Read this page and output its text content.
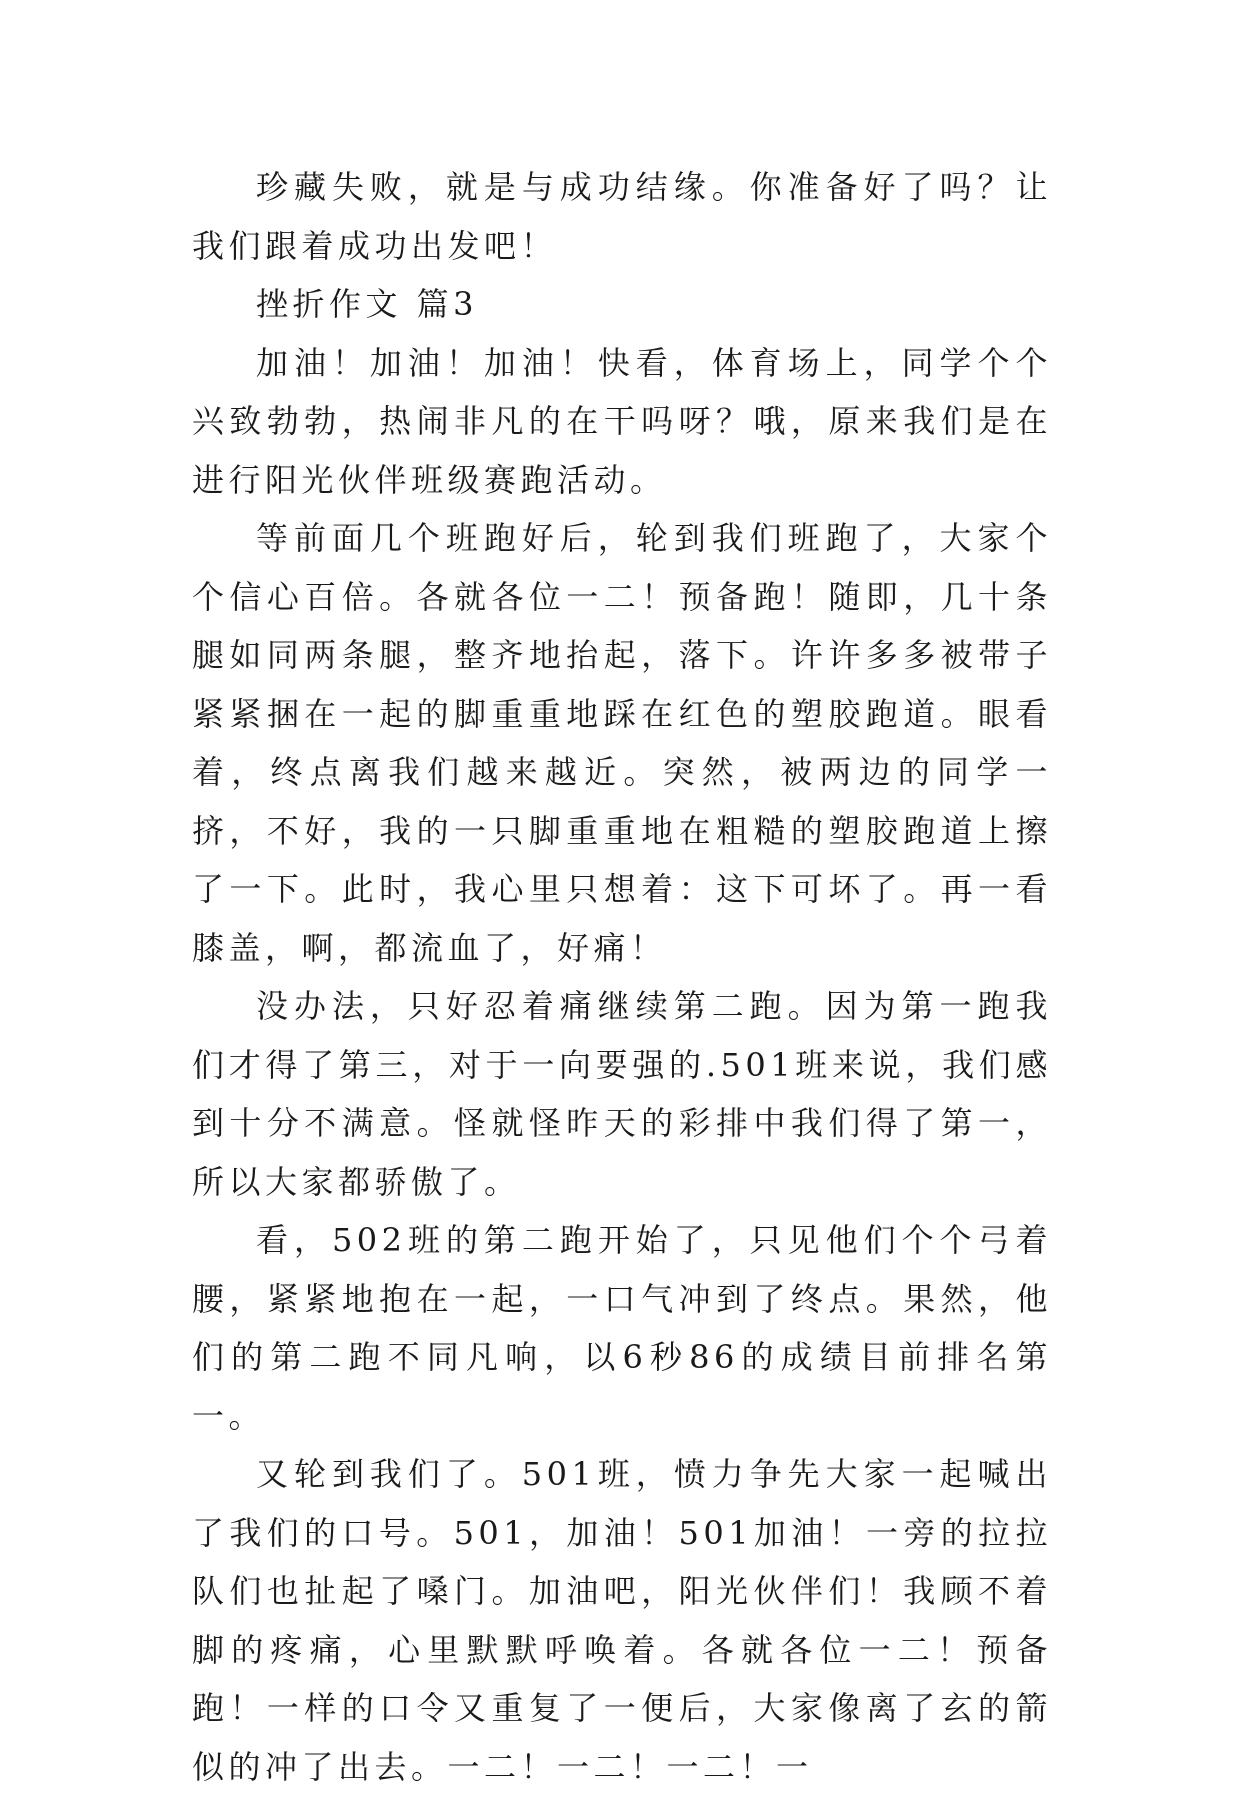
珍藏失败，就是与成功结缘。你准备好了吗？让我们跟着成功出发吧！

挫折作文 篇3

加油！加油！加油！快看，体育场上，同学个个兴致勃勃，热闹非凡的在干吗呀？哦，原来我们是在进行阳光伙伴班级赛跑活动。

等前面几个班跑好后，轮到我们班跑了，大家个个信心百倍。各就各位一二！预备跑！随即，几十条腿如同两条腿，整齐地抬起，落下。许许多多被带子紧紧捆在一起的脚重重地踩在红色的塑胶跑道。眼看着，终点离我们越来越近。突然，被两边的同学一挤，不好，我的一只脚重重地在粗糙的塑胶跑道上擦了一下。此时，我心里只想着：这下可坏了。再一看膝盖，啊，都流血了，好痛！

没办法，只好忍着痛继续第二跑。因为第一跑我们才得了第三，对于一向要强的.501班来说，我们感到十分不满意。怪就怪昨天的彩排中我们得了第一，所以大家都骄傲了。

看，502班的第二跑开始了，只见他们个个弓着腰，紧紧地抱在一起，一口气冲到了终点。果然，他们的第二跑不同凡响，以6秒86的成绩目前排名第一。

又轮到我们了。501班，愤力争先大家一起喊出了我们的口号。501，加油！501加油！一旁的拉拉队们也扯起了嗓门。加油吧，阳光伙伴们！我顾不着脚的疼痛，心里默默呼唤着。各就各位一二！预备跑！一样的口令又重复了一便后，大家像离了玄的箭似的冲了出去。一二！一二！一二！一
